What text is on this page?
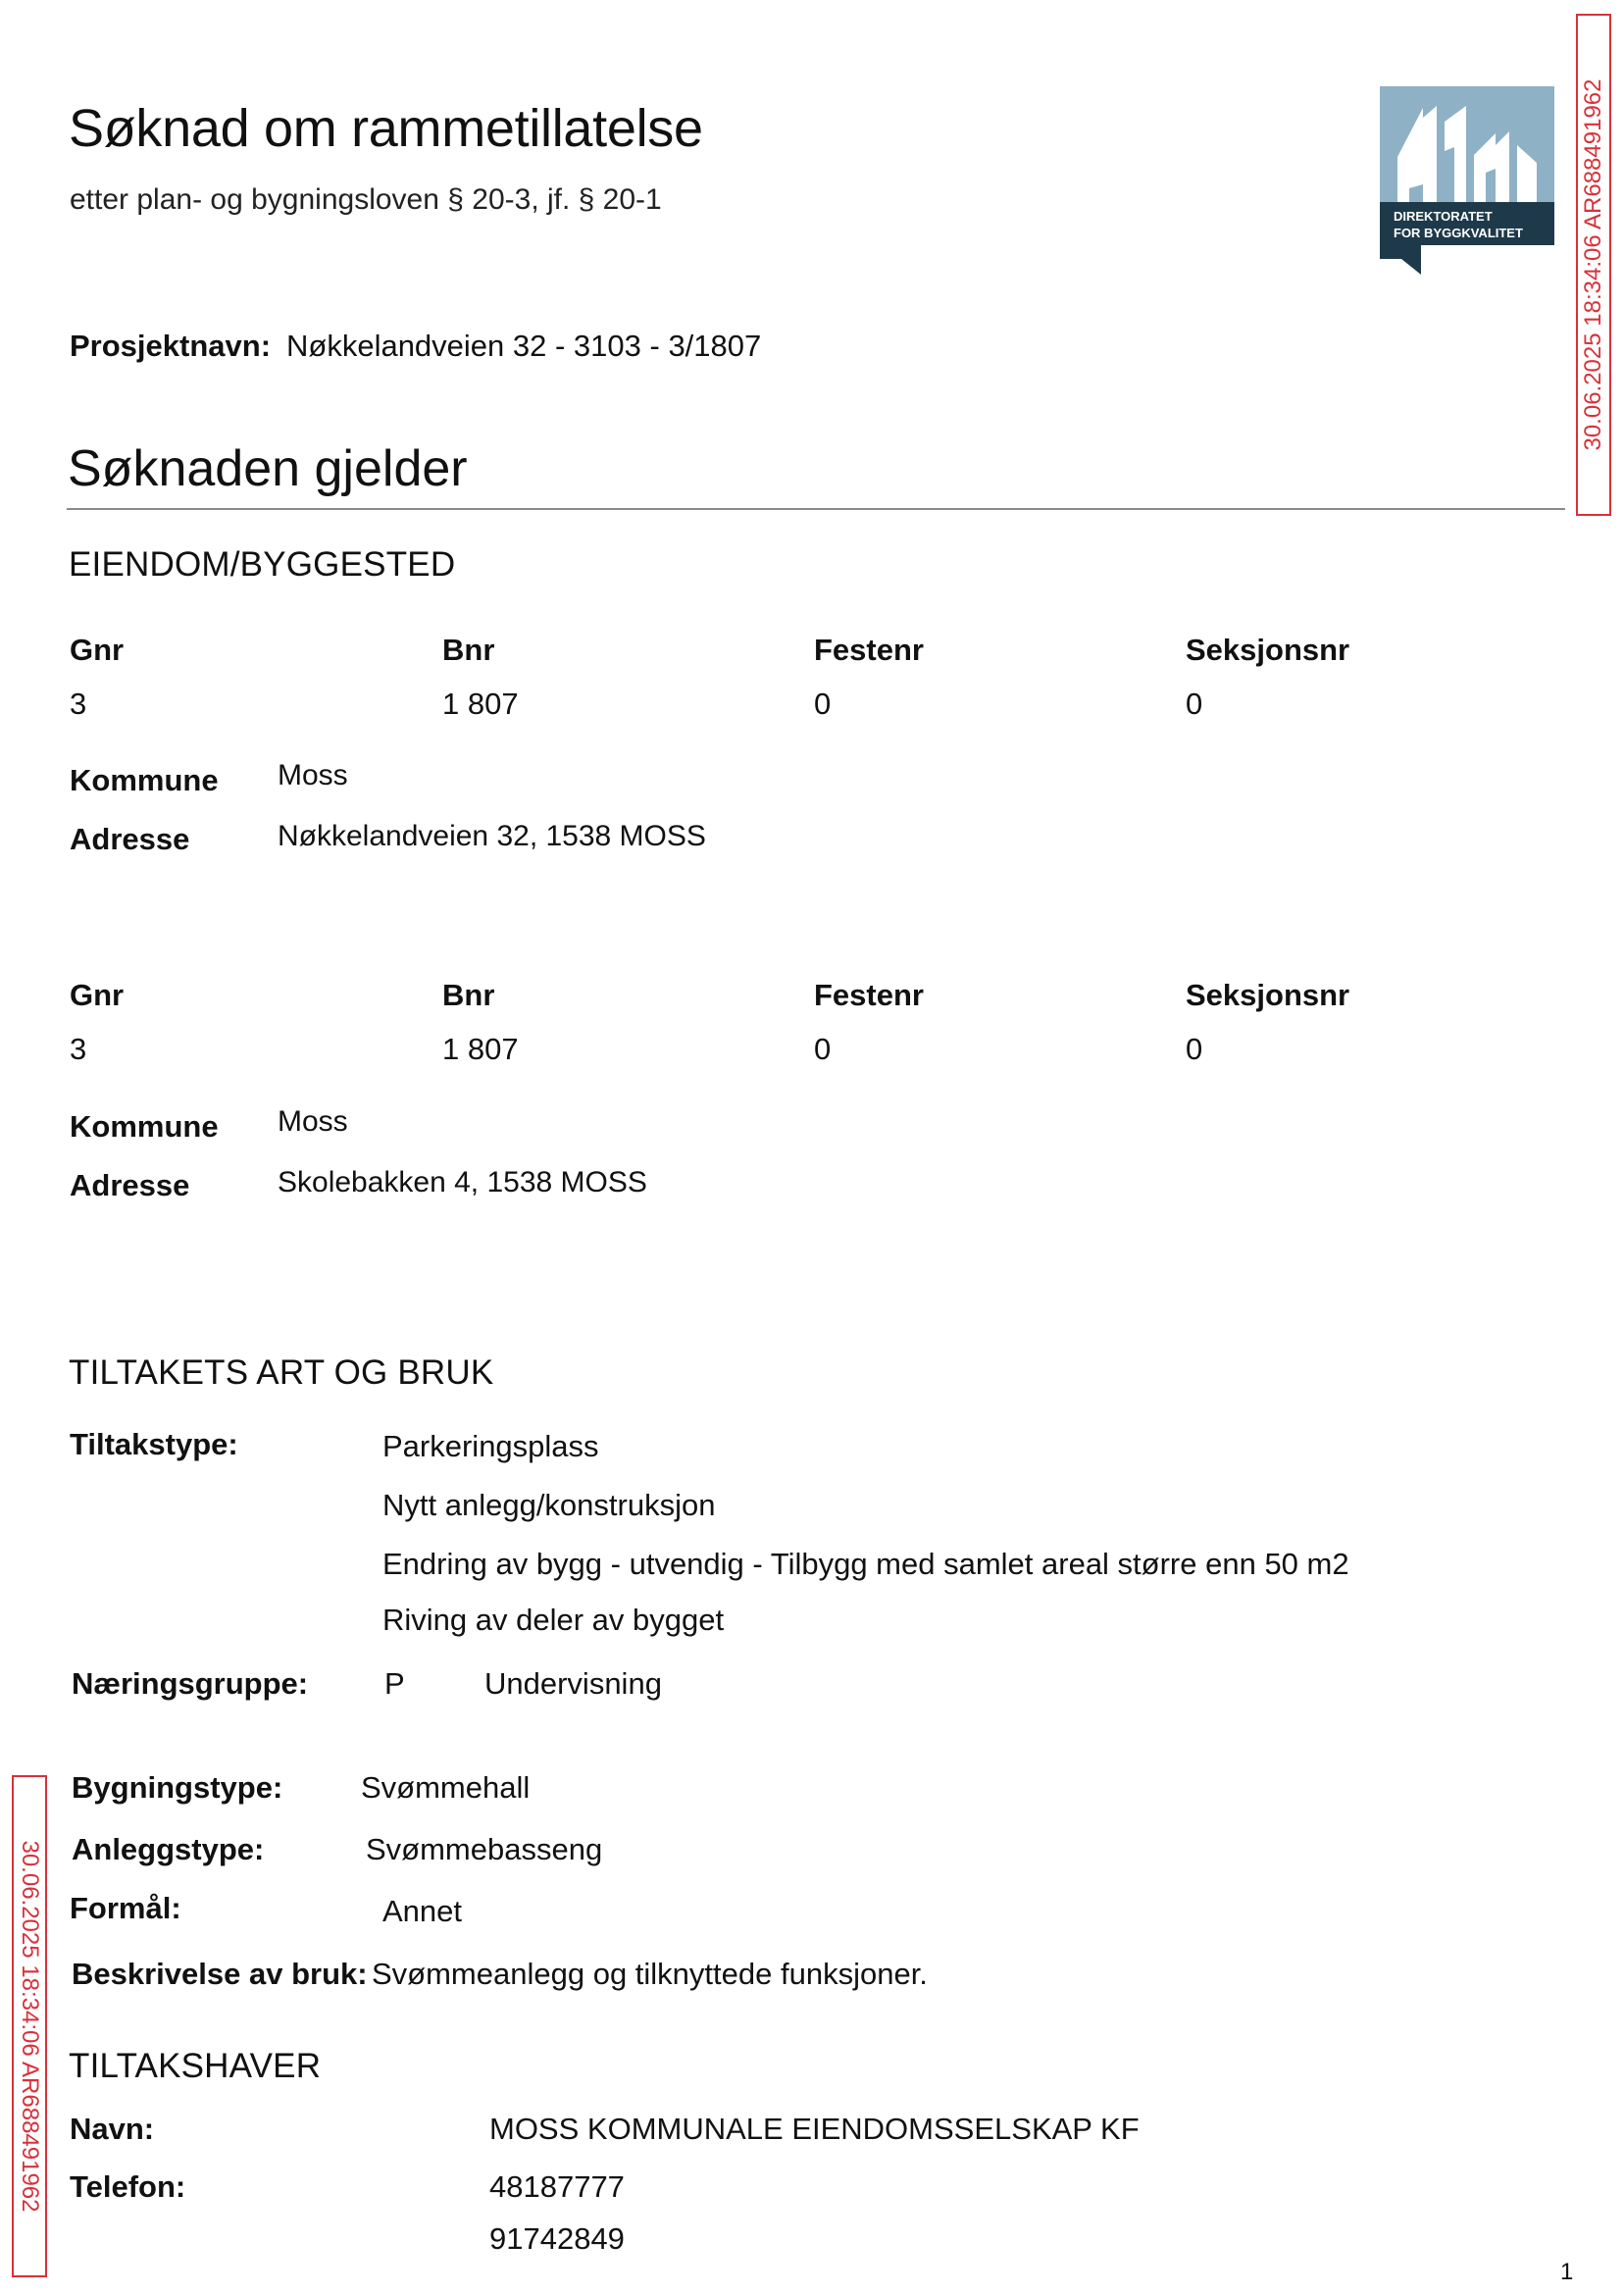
Søknad om rammetillatelse
etter plan- og bygningsloven § 20-3, jf. § 20-1
DIREKTORATET
FOR BYGGKVALITET 30.06.2025 18:34:06 AR688491962
30.06.2025 18:34:06 AR688491962
Prosjektnavn: Nøkkelandveien 32 - 3103 - 3/1807
Søknaden gjelder
EIENDOM/BYGGESTED
Gnr	Bnr	Festenr	Seksjonsnr
3	1 807	0	0
Kommune Moss
Adresse	Nøkkelandveien 32, 1538 MOSS
Gnr	Bnr	Festenr	Seksjonsnr
3	1 807	0	0
Kommune Moss
Adresse	Skolebakken 4, 1538 MOSS
TILTAKETS ART OG BRUK
Tiltakstype:	Parkeringsplass
Nytt anlegg/konstruksjon
Endring av bygg - utvendig - Tilbygg med samlet areal større enn 50 m2
Riving av deler av bygget
Næringsgruppe:	P	Undervisning
Bygningstype:	Svømmehall
Anleggstype:	Svømmebasseng
Formål:	Annet
Beskrivelse av bruk: Svømmeanlegg og tilknyttede funksjoner.
TILTAKSHAVER
Navn:	MOSS KOMMUNALE EIENDOMSSELSKAP KF
Telefon:	48187777
91742849
1
